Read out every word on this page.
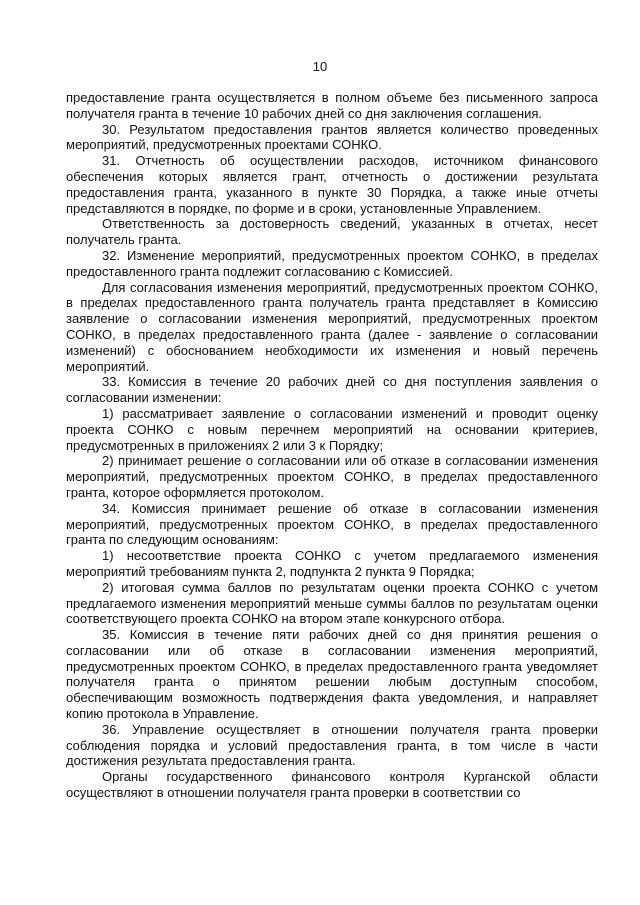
10

предоставление гранта осуществляется в полном объеме без письменного запроса получателя гранта в течение 10 рабочих дней со дня заключения соглашения.

30. Результатом предоставления грантов является количество проведенных мероприятий, предусмотренных проектами СОНКО.

31. Отчетность об осуществлении расходов, источником финансового обеспечения которых является грант, отчетность о достижении результата предоставления гранта, указанного в пункте 30 Порядка, а также иные отчеты представляются в порядке, по форме и в сроки, установленные Управлением.

Ответственность за достоверность сведений, указанных в отчетах, несет получатель гранта.

32. Изменение мероприятий, предусмотренных проектом СОНКО, в пределах предоставленного гранта подлежит согласованию с Комиссией.

Для согласования изменения мероприятий, предусмотренных проектом СОНКО, в пределах предоставленного гранта получатель гранта представляет в Комиссию заявление о согласовании изменения мероприятий, предусмотренных проектом СОНКО, в пределах предоставленного гранта (далее - заявление о согласовании изменений) с обоснованием необходимости их изменения и новый перечень мероприятий.

33. Комиссия в течение 20 рабочих дней со дня поступления заявления о согласовании изменении:

1) рассматривает заявление о согласовании изменений и проводит оценку проекта СОНКО с новым перечнем мероприятий на основании критериев, предусмотренных в приложениях 2 или 3 к Порядку;

2) принимает решение о согласовании или об отказе в согласовании изменения мероприятий, предусмотренных проектом СОНКО, в пределах предоставленного гранта, которое оформляется протоколом.

34. Комиссия принимает решение об отказе в согласовании изменения мероприятий, предусмотренных проектом СОНКО, в пределах предоставленного гранта по следующим основаниям:

1) несоответствие проекта СОНКО с учетом предлагаемого изменения мероприятий требованиям пункта 2, подпункта 2 пункта 9 Порядка;

2) итоговая сумма баллов по результатам оценки проекта СОНКО с учетом предлагаемого изменения мероприятий меньше суммы баллов по результатам оценки соответствующего проекта СОНКО на втором этапе конкурсного отбора.

35. Комиссия в течение пяти рабочих дней со дня принятия решения о согласовании или об отказе в согласовании изменения мероприятий, предусмотренных проектом СОНКО, в пределах предоставленного гранта уведомляет получателя гранта о принятом решении любым доступным способом, обеспечивающим возможность подтверждения факта уведомления, и направляет копию протокола в Управление.

36. Управление осуществляет в отношении получателя гранта проверки соблюдения порядка и условий предоставления гранта, в том числе в части достижения результата предоставления гранта.

Органы государственного финансового контроля Курганской области осуществляют в отношении получателя гранта проверки в соответствии со
